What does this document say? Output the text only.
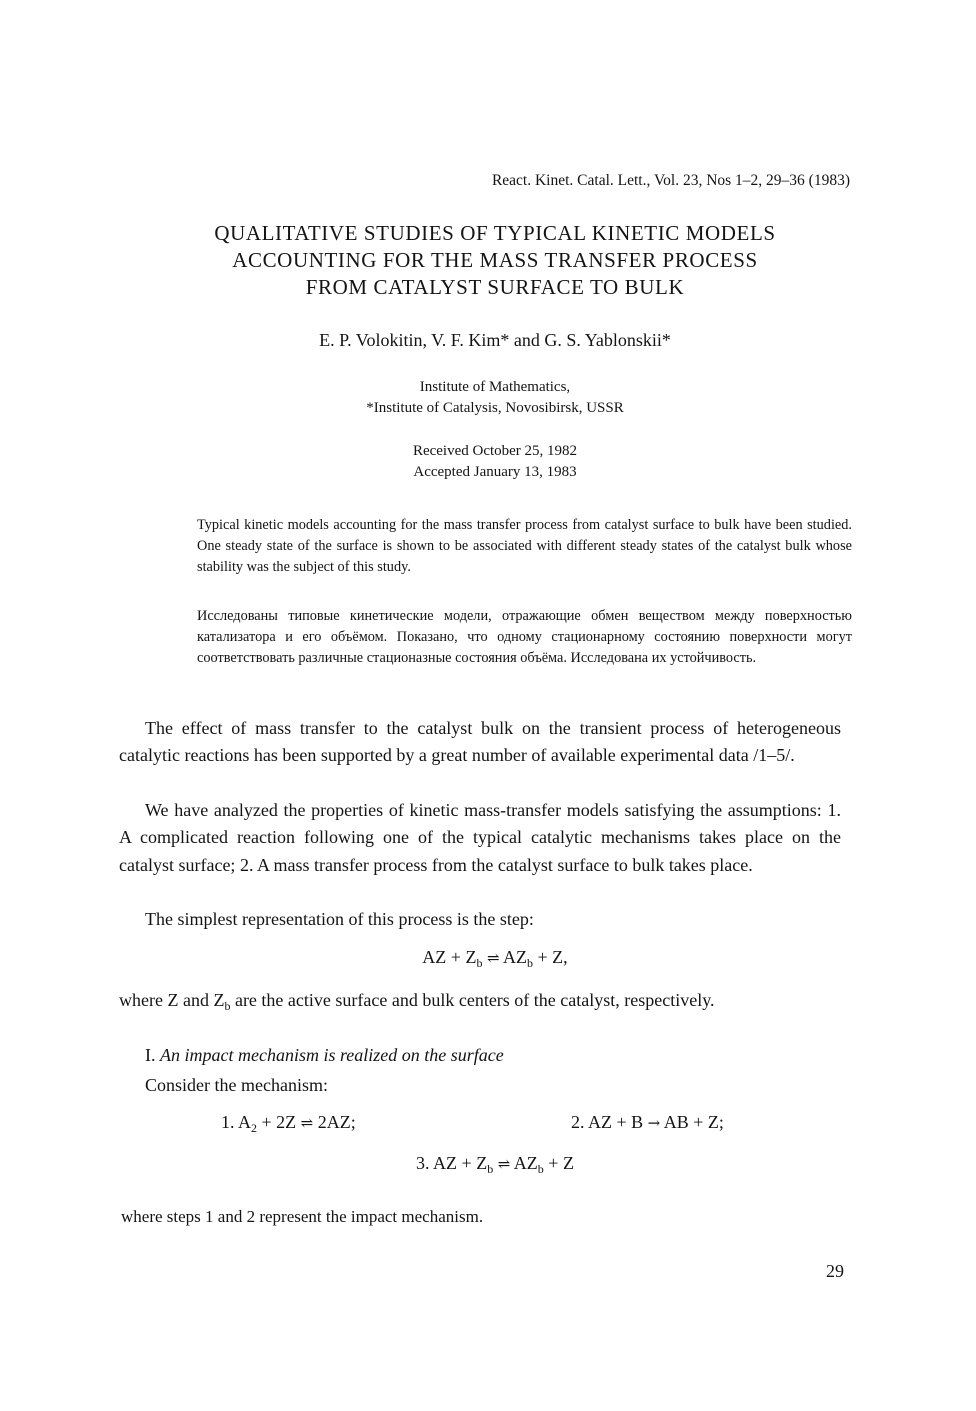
React. Kinet. Catal. Lett., Vol. 23, Nos 1–2, 29–36 (1983)
QUALITATIVE STUDIES OF TYPICAL KINETIC MODELS
ACCOUNTING FOR THE MASS TRANSFER PROCESS
FROM CATALYST SURFACE TO BULK
E. P. Volokitin, V. F. Kim* and G. S. Yablonskii*
Institute of Mathematics,
*Institute of Catalysis, Novosibirsk, USSR
Received October 25, 1982
Accepted January 13, 1983

Typical kinetic models accounting for the mass transfer process from catalyst surface to bulk have been studied. One steady state of the surface is shown to be associated with different steady states of the catalyst bulk whose stability was the subject of this study.

Исследованы типовые кинетические модели, отражающие обмен веществом между поверхностью катализатора и его объёмом. Показано, что одному стационарному состоянию поверхности могут соответствовать различные стационазные состояния объёма. Исследована их устойчивость.

The effect of mass transfer to the catalyst bulk on the transient process of heterogeneous catalytic reactions has been supported by a great number of available experimental data /1–5/.

We have analyzed the properties of kinetic mass-transfer models satisfying the assumptions: 1. A complicated reaction following one of the typical catalytic mechanisms takes place on the catalyst surface; 2. A mass transfer process from the catalyst surface to bulk takes place.

The simplest representation of this process is the step:

AZ + $Z_b$ ⇌ $AZ_b + Z$,
where Z and $Z_b$ are the active surface and bulk centers of the catalyst, respectively.
I. An impact mechanism is realized on the surface
Consider the mechanism:
1. $A_2 + 2Z$ ⇌ 2AZ;	2. AZ + B → AB + Z;
3. AZ + $Z_b$ ⇌ $AZ_b + Z$
where steps 1 and 2 represent the impact mechanism.
29
